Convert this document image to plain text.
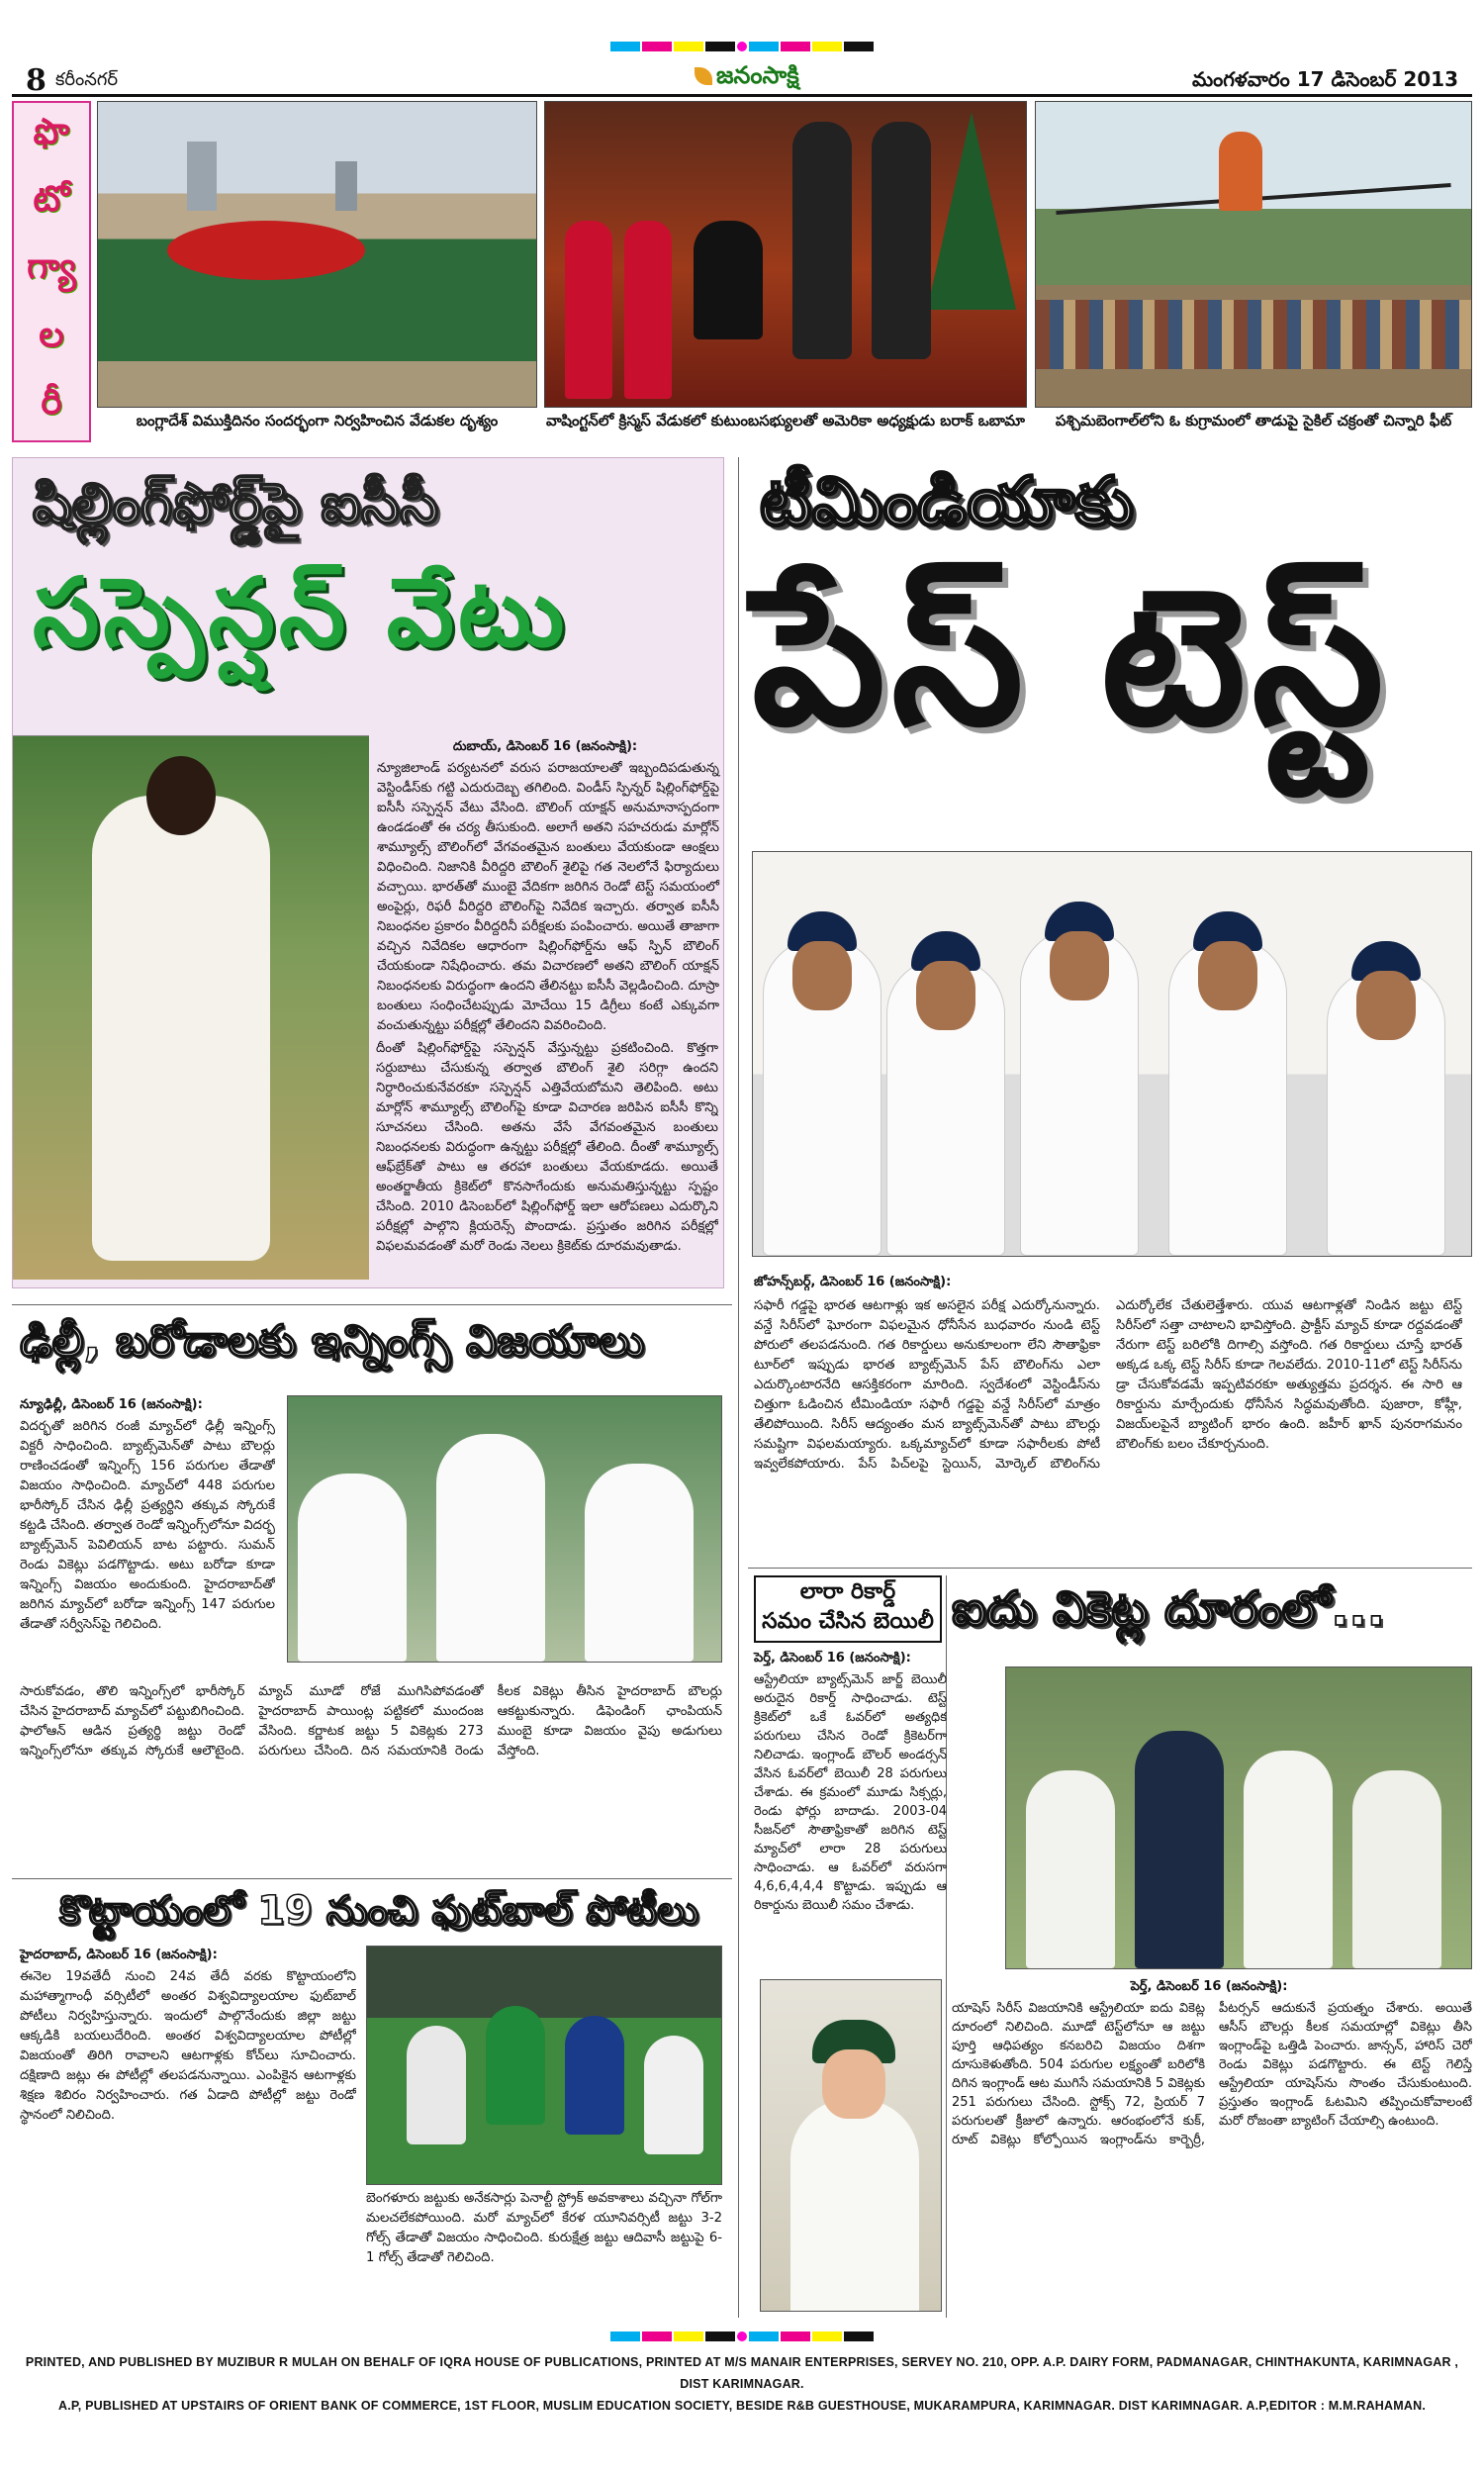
8 కరీంనగర్	జనంసాక్షి	మంగళవారం 17 డిసెంబర్ 2013
ఫొ
టో
గ్యా
ల
రీ	బంగ్లాదేశ్ విముక్తిదినం సందర్భంగా నిర్వహించిన వేడుకల దృశ్యం	వాషింగ్టన్‌లో క్రిస్మస్ వేడుకలో కుటుంబసభ్యులతో అమెరికా అధ్యక్షుడు బరాక్ ఒబామా	పశ్చిమబెంగాల్‌లోని ఓ కుగ్రామంలో తాడుపై సైకిల్ చక్రంతో చిన్నారి ఫీట్
షిల్లింగ్‌ఫోర్డ్‌పై ఐసీసీ
సస్పెన్షన్ వేటు
దుబాయ్, డిసెంబర్ 16 (జనంసాక్షి):

న్యూజిలాండ్ పర్యటనలో వరుస పరాజయాలతో ఇబ్బందిపడుతున్న వెస్టిండీస్‌కు గట్టి ఎదురుదెబ్బ తగిలింది. విండీస్ స్పిన్నర్ షిల్లింగ్‌ఫోర్డ్‌పై ఐసీసీ సస్పెన్షన్ వేటు వేసింది. బౌలింగ్ యాక్షన్ అనుమానాస్పదంగా ఉండడంతో ఈ చర్య తీసుకుంది. అలాగే అతని సహచరుడు మార్లోన్ శామ్యూల్స్ బౌలింగ్‌లో వేగవంతమైన బంతులు వేయకుండా ఆంక్షలు విధించింది. నిజానికి వీరిద్దరి బౌలింగ్ శైలిపై గత నెలలోనే ఫిర్యాదులు వచ్చాయి. భారత్‌తో ముంబై వేదికగా జరిగిన రెండో టెస్ట్ సమయంలో అంపైర్లు, రిఫరీ వీరిద్దరి బౌలింగ్‌పై నివేదిక ఇచ్చారు. తర్వాత ఐసీసీ నిబంధనల ప్రకారం వీరిద్దరినీ పరీక్షలకు పంపించారు. అయితే తాజాగా వచ్చిన నివేదికల ఆధారంగా షిల్లింగ్‌ఫోర్డ్‌ను ఆఫ్ స్పిన్ బౌలింగ్ చేయకుండా నిషేధించారు. తమ విచారణలో అతని బౌలింగ్ యాక్షన్ నిబంధనలకు విరుద్ధంగా ఉందని తేలినట్టు ఐసీసీ వెల్లడించింది. దూస్రా బంతులు సంధించేటప్పుడు మోచేయి 15 డిగ్రీలు కంటే ఎక్కువగా వంచుతున్నట్టు పరీక్షల్లో తేలిందని వివరించింది.

టీమిండియాకు
పేస్ టెస్ట్
జోహన్స్‌బర్గ్, డిసెంబర్ 16 (జనంసాక్షి):

సఫారీ గడ్డపై భారత ఆటగాళ్లు ఇక అసలైన పరీక్ష ఎదుర్కోనున్నారు. వన్డే సిరీస్‌లో ఘోరంగా విఫలమైన ధోనీసేన బుధవారం నుండి టెస్ట్ పోరులో తలపడనుంది. గత రికార్డులు అనుకూలంగా లేని సౌతాఫ్రికా టూర్‌లో ఇప్పుడు భారత బ్యాట్స్‌మెన్ పేస్ బౌలింగ్‌ను ఎలా ఎదుర్కొంటారనేది ఆసక్తికరంగా మారింది. స్వదేశంలో వెస్టిండీస్‌ను చిత్తుగా ఓడించిన టీమిండియా సఫారీ గడ్డపై వన్డే సిరీస్‌లో మాత్రం తేలిపోయింది. సిరీస్ ఆద్యంతం మన బ్యాట్స్‌మెన్‌తో పాటు బౌలర్లు సమష్టిగా విఫలమయ్యారు. ఒక్కమ్యాచ్‌లో కూడా సఫారీలకు పోటీ ఇవ్వలేకపోయారు. పేస్ పిచ్‌లపై స్టెయిన్, మోర్కెల్ బౌలింగ్‌ను ఎదుర్కోలేక చేతులెత్తేశారు. యువ ఆటగాళ్లతో నిండిన జట్టు టెస్ట్ సిరీస్‌లో సత్తా చాటాలని భావిస్తోంది. ప్రాక్టీస్ మ్యాచ్ కూడా రద్దవడంతో నేరుగా టెస్ట్ బరిలోకి దిగాల్సి వస్తోంది. గత రికార్డులు చూస్తే భారత్ అక్కడ ఒక్క టెస్ట్ సిరీస్ కూడా గెలవలేదు. 2010-11లో టెస్ట్ సిరీస్‌ను డ్రా చేసుకోవడమే ఇప్పటివరకూ అత్యుత్తమ ప్రదర్శన. ఈ సారి ఆ రికార్డును మార్చేందుకు ధోనీసేన సిద్ధమవుతోంది. పుజారా, కోహ్లీ, విజయ్‌లపైనే బ్యాటింగ్ భారం ఉంది. జహీర్ ఖాన్ పునరాగమనం బౌలింగ్‌కు బలం చేకూర్చనుంది.

ఢిల్లీ, బరోడాలకు ఇన్నింగ్స్ విజయాలు
న్యూఢిల్లీ, డిసెంబర్ 16 (జనంసాక్షి):

విదర్భతో జరిగిన రంజీ మ్యాచ్‌లో ఢిల్లీ ఇన్నింగ్స్ విక్టరీ సాధించింది. బ్యాట్స్‌మెన్‌తో పాటు బౌలర్లు రాణించడంతో ఇన్నింగ్స్ 156 పరుగుల తేడాతో విజయం సాధించింది. మ్యాచ్‌లో 448 పరుగుల భారీస్కోర్ చేసిన ఢిల్లీ ప్రత్యర్థిని తక్కువ స్కోరుకే కట్టడి చేసింది. తర్వాత రెండో ఇన్నింగ్స్‌లోనూ విదర్భ బ్యాట్స్‌మెన్ పెవిలియన్ బాట పట్టారు. సుమన్ రెండు వికెట్లు పడగొట్టాడు. అటు బరోడా కూడా ఇన్నింగ్స్ విజయం అందుకుంది. హైదరాబాద్‌తో జరిగిన మ్యాచ్‌లో బరోడా ఇన్నింగ్స్ 147 పరుగుల తేడాతో సర్వీసెస్‌పై గెలిచింది.

సారుకోవడం, తొలి ఇన్నింగ్స్‌లో భారీస్కోర్ చేసిన హైదరాబాద్ మ్యాచ్‌లో పట్టుబిగించింది. ఫాలోఆన్ ఆడిన ప్రత్యర్థి జట్టు రెండో ఇన్నింగ్స్‌లోనూ తక్కువ స్కోరుకే ఆలౌటైంది. మ్యాచ్ మూడో రోజే ముగిసిపోవడంతో హైదరాబాద్ పాయింట్ల పట్టికలో ముందంజ వేసింది. కర్ణాటక జట్టు 5 వికెట్లకు 273 పరుగులు చేసింది. దిన సమయానికి రెండు కీలక వికెట్లు తీసిన హైదరాబాద్ బౌలర్లు ఆకట్టుకున్నారు. డిఫెండింగ్ ఛాంపియన్ ముంబై కూడా విజయం వైపు అడుగులు వేస్తోంది.

కొట్టాయంలో 19 నుంచి ఫుట్‌బాల్ పోటీలు
హైదరాబాద్, డిసెంబర్ 16 (జనంసాక్షి):

ఈనెల 19వతేదీ నుంచి 24వ తేదీ వరకు కొట్టాయంలోని మహాత్మాగాంధీ వర్సిటీలో అంతర విశ్వవిద్యాలయాల ఫుట్‌బాల్ పోటీలు నిర్వహిస్తున్నారు. ఇందులో పాల్గొనేందుకు జిల్లా జట్టు ఆక్కడికి బయలుదేరింది. అంతర విశ్వవిద్యాలయాల పోటీల్లో విజయంతో తిరిగి రావాలని ఆటగాళ్లకు కోచ్‌లు సూచించారు. దక్షిణాది జట్లు ఈ పోటీల్లో తలపడనున్నాయి. ఎంపికైన ఆటగాళ్లకు శిక్షణ శిబిరం నిర్వహించారు. గత ఏడాది పోటీల్లో జట్టు రెండో స్థానంలో నిలిచింది.

బెంగళూరు జట్టుకు అనేకసార్లు పెనాల్టీ స్ట్రోక్ అవకాశాలు వచ్చినా గోల్‌గా మలచలేకపోయింది. మరో మ్యాచ్‌లో కేరళ యూనివర్సిటీ జట్టు 3-2 గోల్స్ తేడాతో విజయం సాధించింది. కురుక్షేత్ర జట్టు ఆదివాసీ జట్టుపై 6-1 గోల్స్ తేడాతో గెలిచింది.

లారా రికార్డ్
సమం చేసిన బెయిలీ
పెర్త్, డిసెంబర్ 16 (జనంసాక్షి):

ఆస్ట్రేలియా బ్యాట్స్‌మెన్ జార్జ్ బెయిలీ అరుదైన రికార్డ్ సాధించాడు. టెస్ట్ క్రికెట్‌లో ఒకే ఓవర్‌లో అత్యధిక పరుగులు చేసిన రెండో క్రికెటర్‌గా నిలిచాడు. ఇంగ్లాండ్ బౌలర్ అండర్సన్ వేసిన ఓవర్‌లో బెయిలీ 28 పరుగులు చేశాడు. ఈ క్రమంలో మూడు సిక్సర్లు, రెండు ఫోర్లు బాదాడు. 2003-04 సీజన్‌లో సౌతాఫ్రికాతో జరిగిన టెస్ట్ మ్యాచ్‌లో లారా 28 పరుగులు సాధించాడు. ఆ ఓవర్‌లో వరుసగా 4,6,6,4,4,4 కొట్టాడు. ఇప్పుడు ఆ రికార్డును బెయిలీ సమం చేశాడు.

ఐదు వికెట్ల దూరంలో...
పెర్త్, డిసెంబర్ 16 (జనంసాక్షి):

యాషెస్ సిరీస్ విజయానికి ఆస్ట్రేలియా ఐదు వికెట్ల దూరంలో నిలిచింది. మూడో టెస్ట్‌లోనూ ఆ జట్టు పూర్తి ఆధిపత్యం కనబరిచి విజయం దిశగా దూసుకెళుతోంది. 504 పరుగుల లక్ష్యంతో బరిలోకి దిగిన ఇంగ్లాండ్ ఆట ముగిసే సమయానికి 5 వికెట్లకు 251 పరుగులు చేసింది. స్టోక్స్ 72, ప్రియర్ 7 పరుగులతో క్రీజులో ఉన్నారు. ఆరంభంలోనే కుక్, రూట్ వికెట్లు కోల్పోయిన ఇంగ్లాండ్‌ను కార్బెర్రీ, పీటర్సన్ ఆదుకునే ప్రయత్నం చేశారు. అయితే ఆసీస్ బౌలర్లు కీలక సమయాల్లో వికెట్లు తీసి ఇంగ్లాండ్‌పై ఒత్తిడి పెంచారు. జాన్సన్, హారిస్ చెరో రెండు వికెట్లు పడగొట్టారు. ఈ టెస్ట్ గెలిస్తే ఆస్ట్రేలియా యాషెస్‌ను సొంతం చేసుకుంటుంది. ప్రస్తుతం ఇంగ్లాండ్ ఓటమిని తప్పించుకోవాలంటే మరో రోజంతా బ్యాటింగ్ చేయాల్సి ఉంటుంది.

PRINTED, AND PUBLISHED BY MUZIBUR R MULAH ON BEHALF OF IQRA HOUSE OF PUBLICATIONS, PRINTED AT M/S MANAIR ENTERPRISES, SERVEY NO. 210, OPP. A.P. DAIRY FORM, PADMANAGAR, CHINTHAKUNTA, KARIMNAGAR , DIST KARIMNAGAR.
A.P, PUBLISHED AT UPSTAIRS OF ORIENT BANK OF COMMERCE, 1ST FLOOR, MUSLIM EDUCATION SOCIETY, BESIDE R&B GUESTHOUSE, MUKARAMPURA, KARIMNAGAR. DIST KARIMNAGAR. A.P,EDITOR : M.M.RAHAMAN.

దీంతో షిల్లింగ్‌ఫోర్డ్‌పై సస్పెన్షన్ వేస్తున్నట్టు ప్రకటించింది. కొత్తగా సర్దుబాటు చేసుకున్న తర్వాత బౌలింగ్ శైలి సరిగ్గా ఉందని నిర్ధారించుకునేవరకూ సస్పెన్షన్ ఎత్తివేయబోమని తెలిపింది. అటు మార్లోన్ శామ్యూల్స్ బౌలింగ్‌పై కూడా విచారణ జరిపిన ఐసీసీ కొన్ని సూచనలు చేసింది. అతను వేసే వేగవంతమైన బంతులు నిబంధనలకు విరుద్ధంగా ఉన్నట్టు పరీక్షల్లో తేలింది. దీంతో శామ్యూల్స్ ఆఫ్‌బ్రేక్‌తో పాటు ఆ తరహా బంతులు వేయకూడదు. అయితే అంతర్జాతీయ క్రికెట్‌లో కొనసాగేందుకు అనుమతిస్తున్నట్టు స్పష్టం చేసింది. 2010 డిసెంబర్‌లో షిల్లింగ్‌ఫోర్డ్ ఇలా ఆరోపణలు ఎదుర్కొని పరీక్షల్లో పాల్గొని క్లియరెన్స్ పొందాడు. ప్రస్తుతం జరిగిన పరీక్షల్లో విఫలమవడంతో మరో రెండు నెలలు క్రికెట్‌కు దూరమవుతాడు.
